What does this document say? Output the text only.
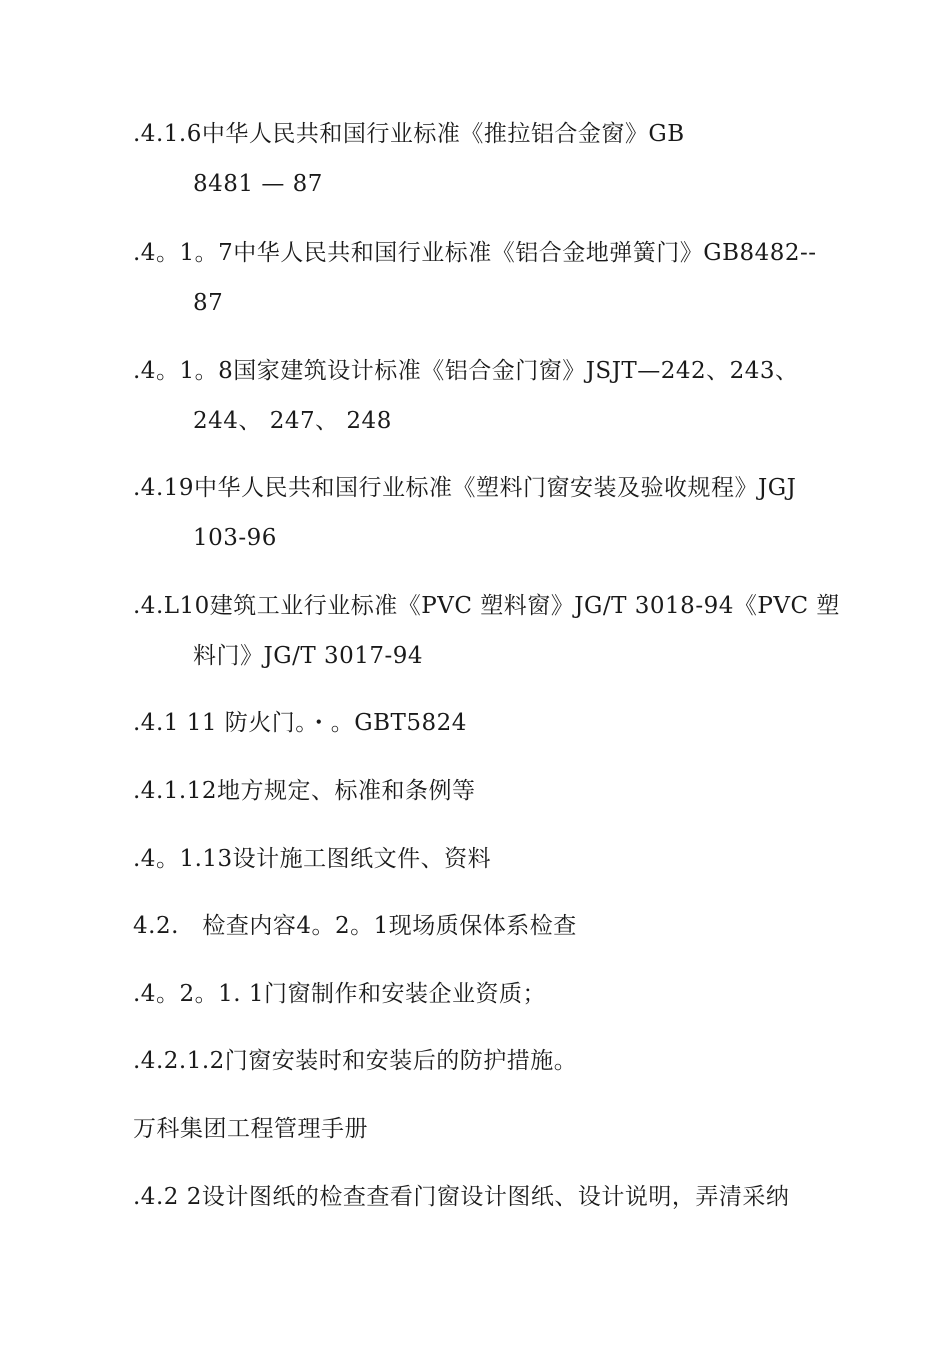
.4.1.6中华人民共和国行业标准《推拉铝合金窗》GB
8481 — 87
.4。1。7中华人民共和国行业标准《铝合金地弹簧门》GB8482--
87
.4。1。8国家建筑设计标准《铝合金门窗》JSJT—242、243、
244、 247、 248
.4.19中华人民共和国行业标准《塑料门窗安装及验收规程》JGJ
103-96
.4.L10建筑工业行业标准《PVC 塑料窗》JG/T 3018-94《PVC 塑
料门》JG/T 3017-94
.4.1 11 防火门。・。GBT5824
.4.1.12地方规定、标准和条例等
.4。1.13设计施工图纸文件、资料
4.2.   检查内容4。2。1现场质保体系检查
.4。2。1. 1门窗制作和安装企业资质；
.4.2.1.2门窗安装时和安装后的防护措施。
万科集团工程管理手册
.4.2 2设计图纸的检查查看门窗设计图纸、设计说明，弄清采纳
